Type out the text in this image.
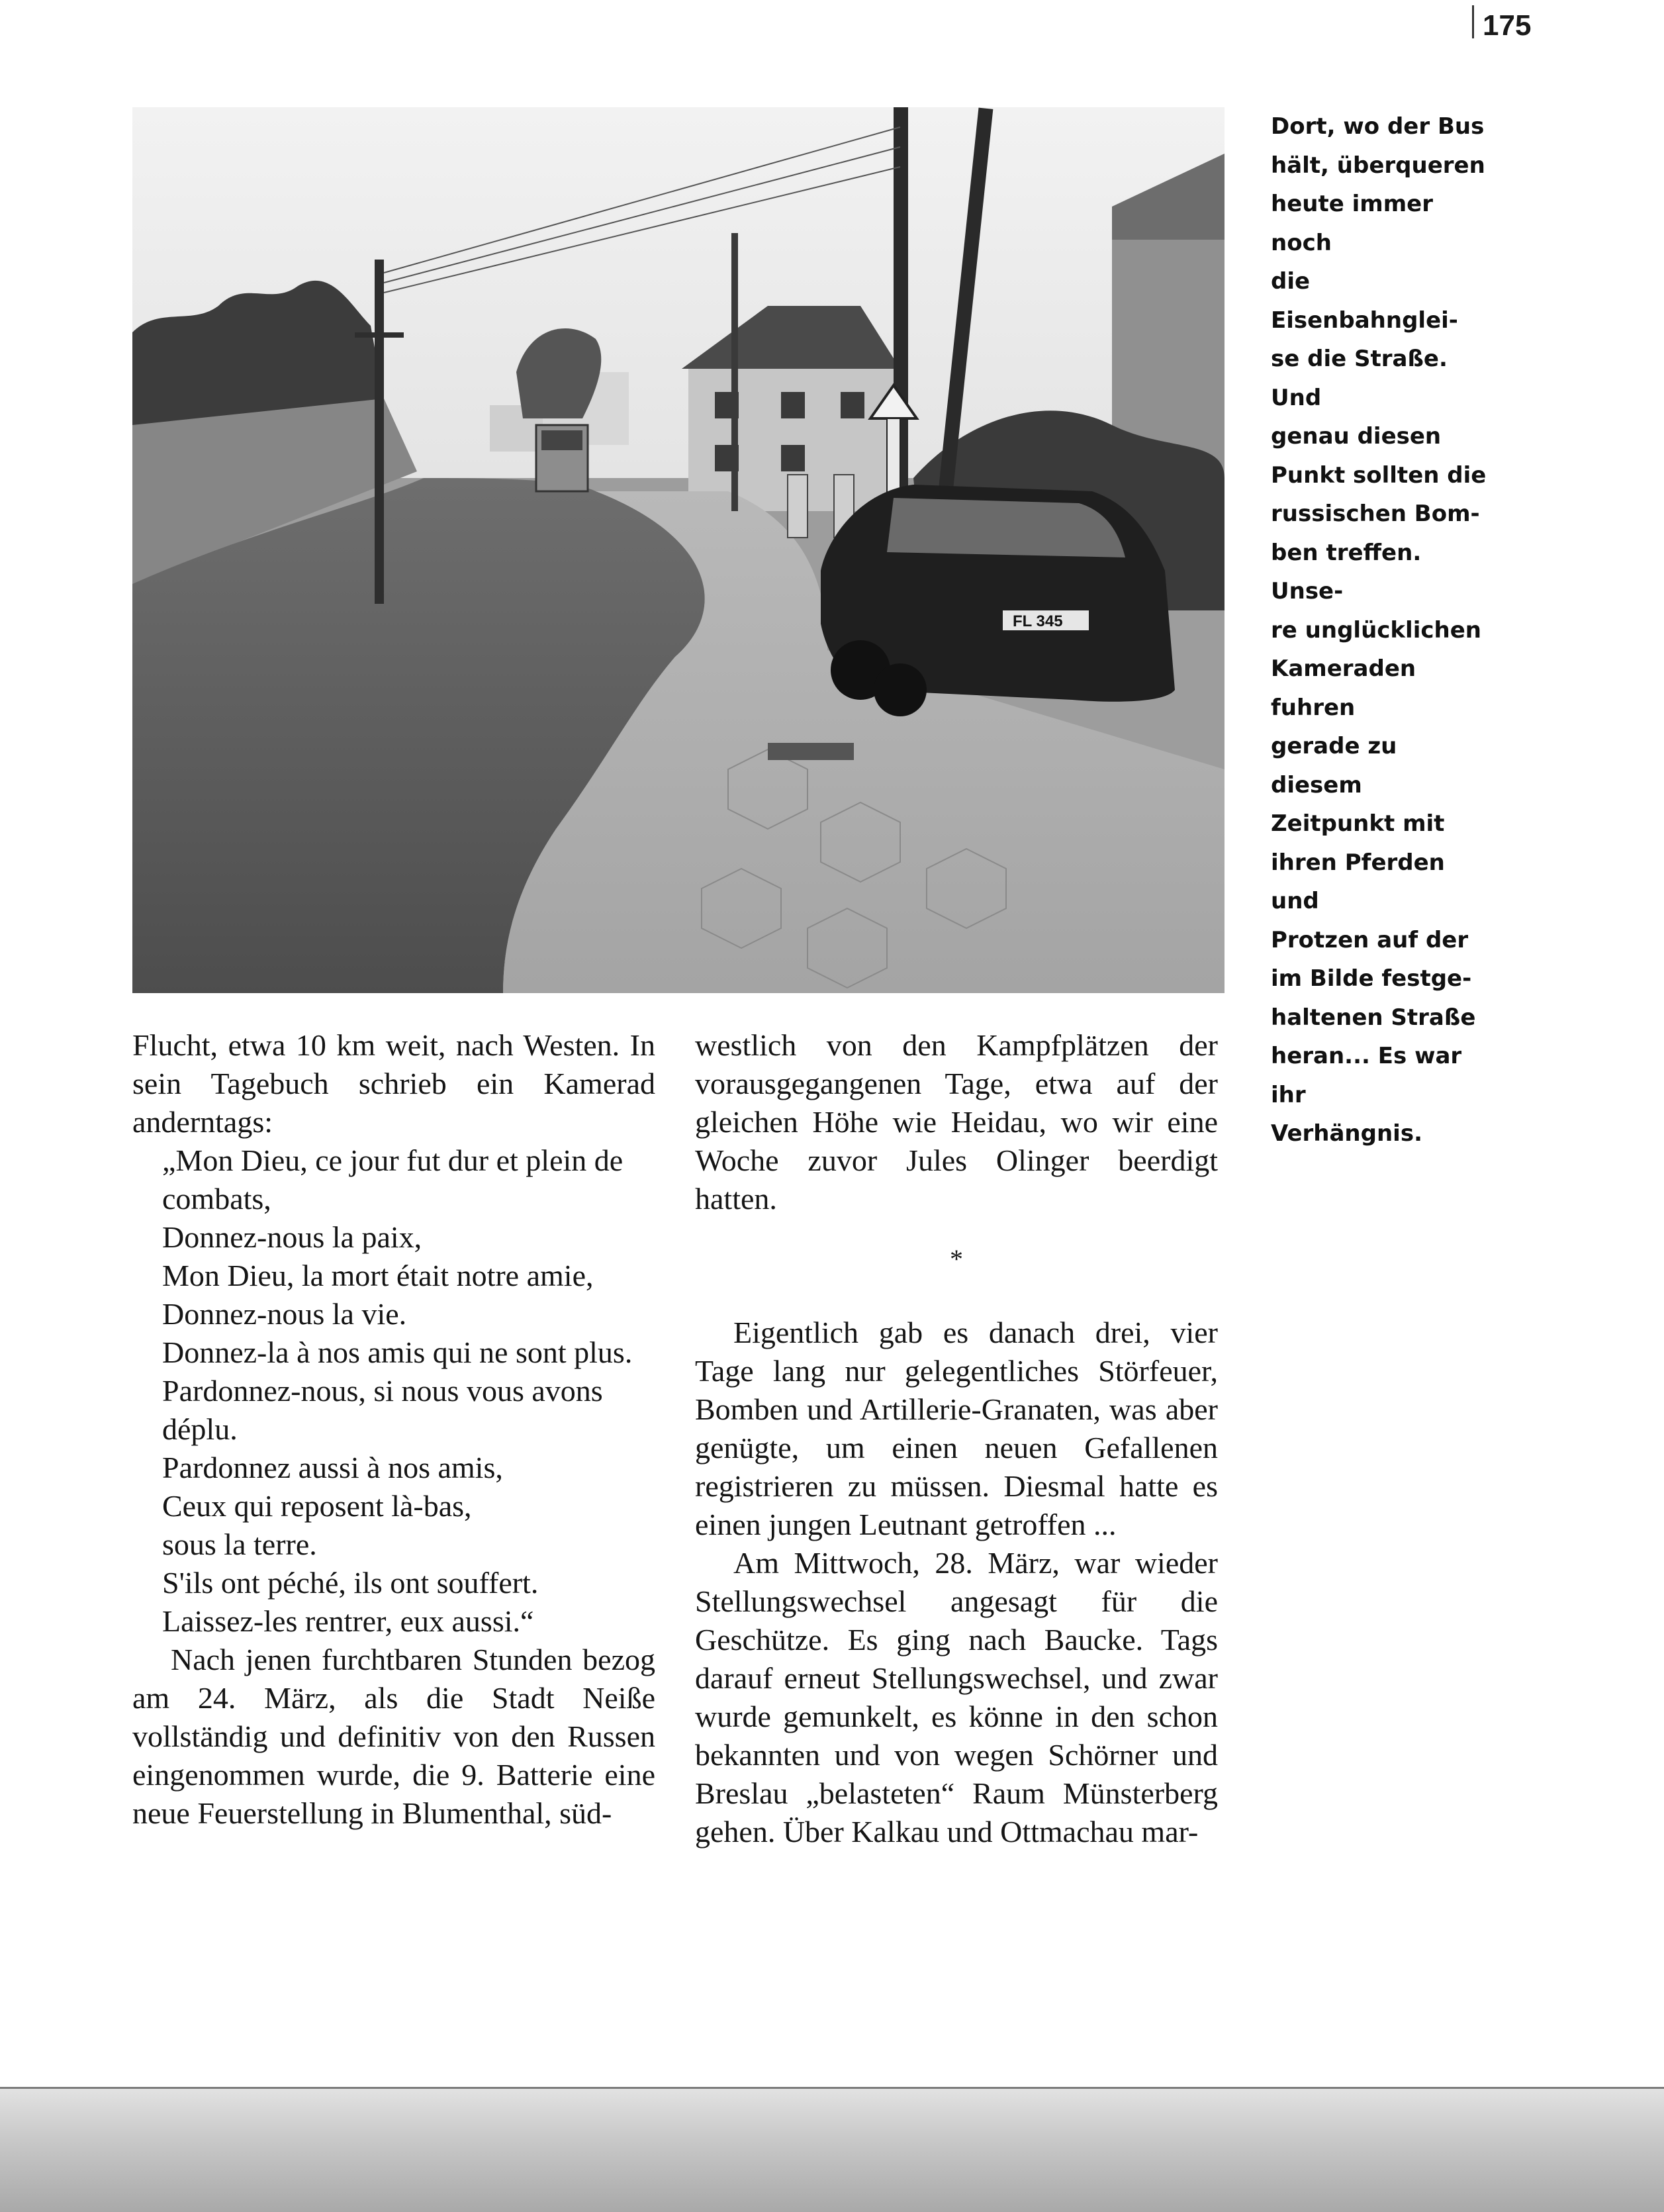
175
FL 345
Dort, wo der Bus
hält, überqueren
heute immer noch
die Eisenbahnglei-
se die Straße. Und
genau diesen
Punkt sollten die
russischen Bom-
ben treffen. Unse-
re unglücklichen
Kameraden fuhren
gerade zu diesem
Zeitpunkt mit
ihren Pferden und
Protzen auf der
im Bilde festge-
haltenen Straße
heran... Es war ihr
Verhängnis.

Flucht, etwa 10 km weit, nach Westen. In sein Tagebuch schrieb ein Kamerad anderntags:

„Mon Dieu, ce jour fut dur et plein de
combats,
Donnez-nous la paix,
Mon Dieu, la mort était notre amie,
Donnez-nous la vie.
Donnez-la à nos amis qui ne sont plus.
Pardonnez-nous, si nous vous avons
déplu.
Pardonnez aussi à nos amis,
Ceux qui reposent là-bas,
sous la terre.
S'ils ont péché, ils ont souffert.
Laissez-les rentrer, eux aussi.“

Nach jenen furchtbaren Stunden bezog am 24. März, als die Stadt Neiße vollständig und definitiv von den Russen eingenommen wurde, die 9. Batterie eine neue Feuerstellung in Blumenthal, süd-

westlich von den Kampfplätzen der vorausgegangenen Tage, etwa auf der gleichen Höhe wie Heidau, wo wir eine Woche zuvor Jules Olinger beerdigt hatten.

*

Eigentlich gab es danach drei, vier Tage lang nur gelegentliches Störfeuer, Bomben und Artillerie-Granaten, was aber genügte, um einen neuen Gefallenen registrieren zu müssen. Diesmal hatte es einen jungen Leutnant getroffen ...

Am Mittwoch, 28. März, war wieder Stellungswechsel angesagt für die Geschütze. Es ging nach Baucke. Tags darauf erneut Stellungswechsel, und zwar wurde gemunkelt, es könne in den schon bekannten und von wegen Schörner und Breslau „belasteten“ Raum Münsterberg gehen. Über Kalkau und Ottmachau mar-
